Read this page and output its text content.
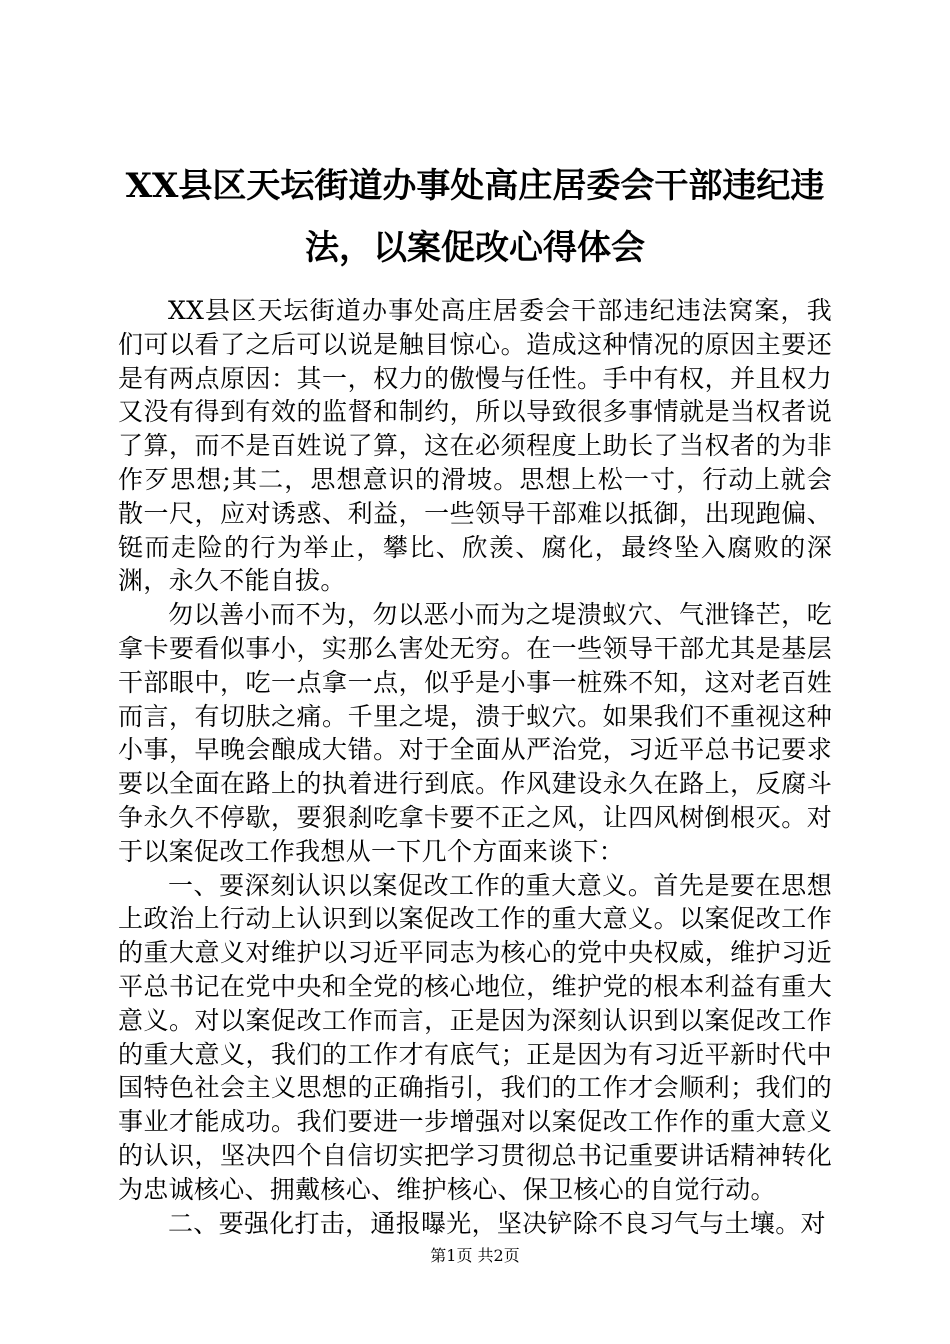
XX县区天坛街道办事处高庄居委会干部违纪违法，以案促改心得体会

XX县区天坛街道办事处高庄居委会干部违纪违法窝案，我们可以看了之后可以说是触目惊心。造成这种情况的原因主要还是有两点原因：其一，权力的傲慢与任性。手中有权，并且权力又没有得到有效的监督和制约，所以导致很多事情就是当权者说了算，而不是百姓说了算，这在必须程度上助长了当权者的为非作歹思想;其二，思想意识的滑坡。思想上松一寸，行动上就会散一尺，应对诱惑、利益，一些领导干部难以抵御，出现跑偏、铤而走险的行为举止，攀比、欣羡、腐化，最终坠入腐败的深渊，永久不能自拔。

勿以善小而不为，勿以恶小而为之堤溃蚁穴、气泄锋芒，吃拿卡要看似事小，实那么害处无穷。在一些领导干部尤其是基层干部眼中，吃一点拿一点，似乎是小事一桩殊不知，这对老百姓而言，有切肤之痛。千里之堤，溃于蚁穴。如果我们不重视这种小事，早晚会酿成大错。对于全面从严治党，习近平总书记要求要以全面在路上的执着进行到底。作风建设永久在路上，反腐斗争永久不停歇，要狠刹吃拿卡要不正之风，让四风树倒根灭。对于以案促改工作我想从一下几个方面来谈下：

一、要深刻认识以案促改工作的重大意义。首先是要在思想上政治上行动上认识到以案促改工作的重大意义。以案促改工作的重大意义对维护以习近平同志为核心的党中央权威，维护习近平总书记在党中央和全党的核心地位，维护党的根本利益有重大意义。对以案促改工作而言，正是因为深刻认识到以案促改工作的重大意义，我们的工作才有底气；正是因为有习近平新时代中国特色社会主义思想的正确指引，我们的工作才会顺利；我们的事业才能成功。我们要进一步增强对以案促改工作作的重大意义的认识，坚决四个自信切实把学习贯彻总书记重要讲话精神转化为忠诚核心、拥戴核心、维护核心、保卫核心的自觉行动。

二、要强化打击，通报曝光，坚决铲除不良习气与土壤。对

第1页 共2页
